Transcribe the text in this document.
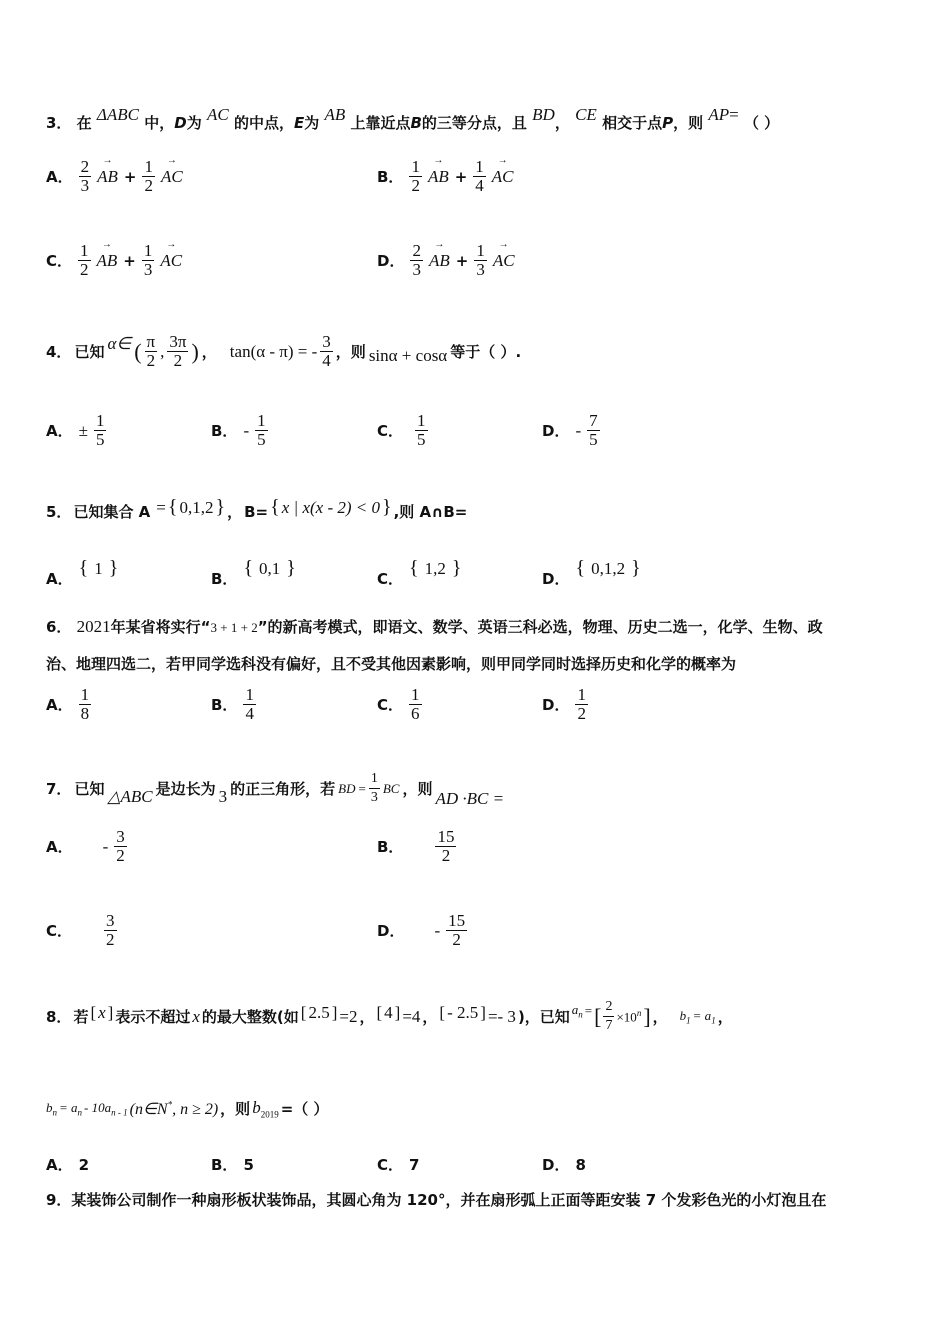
3． 在 ΔABC 中，D为 AC 的中点，E为 AB 上靠近点B的三等分点，且 BD， CE 相交于点P，则 AP= （ ）
A． $\frac{2}{3}$ → AB + $\frac{1}{2}$ → AC	B． $\frac{1}{2}$ → AB + $\frac{1}{4}$ → AC
C． $\frac{1}{2}$ → AB + $\frac{1}{3}$ → AC	D． $\frac{2}{3}$ → AB + $\frac{1}{3}$ → AC
4． 已知 α∈ ( $\frac{\pi}{2}$ , $\frac{3\pi}{2}$ ) ， tan(α - π) = - $\frac{3}{4}$ ，则 sinα + cosα 等于（ ）.
A． ± $\frac{1}{5}$	B． - $\frac{1}{5}$	C． $\frac{1}{5}$	D． - $\frac{7}{5}$
5． 已知集合 A = { 0,1,2 } ， B= { x | x(x - 2) < 0 } ,则 A∩B=
A． { 1 }	B． { 0,1 }	C． { 1,2 }	D． { 0,1,2 }
6． 2021年某省将实行“3 + 1 + 2”的新高考模式，即语文、数学、英语三科必选，物理、历史二选一，化学、生物、政
治、地理四选二，若甲同学选科没有偏好，且不受其他因素影响，则甲同学同时选择历史和化学的概率为
A． $\frac{1}{8}$	B． $\frac{1}{4}$	C． $\frac{1}{6}$	D． $\frac{1}{2}$
7． 已知 △ABC 是边长为 3 的正三角形，若 BD = $\frac{1}{3}$ BC ，则 AD ·BC =
A． - $\frac{3}{2}$	B． $\frac{15}{2}$
C． $\frac{3}{2}$	D． - $\frac{15}{2}$
8． 若 [ x ] 表示不超过 x 的最大整数(如 [ 2.5 ] =2 ， [ 4 ] =4 ， [ - 2.5 ] =- 3 )，已知 $a_n$ = [ $\frac{2}{7} \times 10^n$ ] ， $b_1 = a_1$ ，
$b_n = a_n - 10a_{n - 1}$ (n∈N*, n ≥ 2) ，则 $b_{2019}$ =（ ）
A． 2	B． 5	C． 7	D． 8
9．某装饰公司制作一种扇形板状装饰品，其圆心角为 120°，并在扇形弧上正面等距安装 7 个发彩色光的小灯泡且在
